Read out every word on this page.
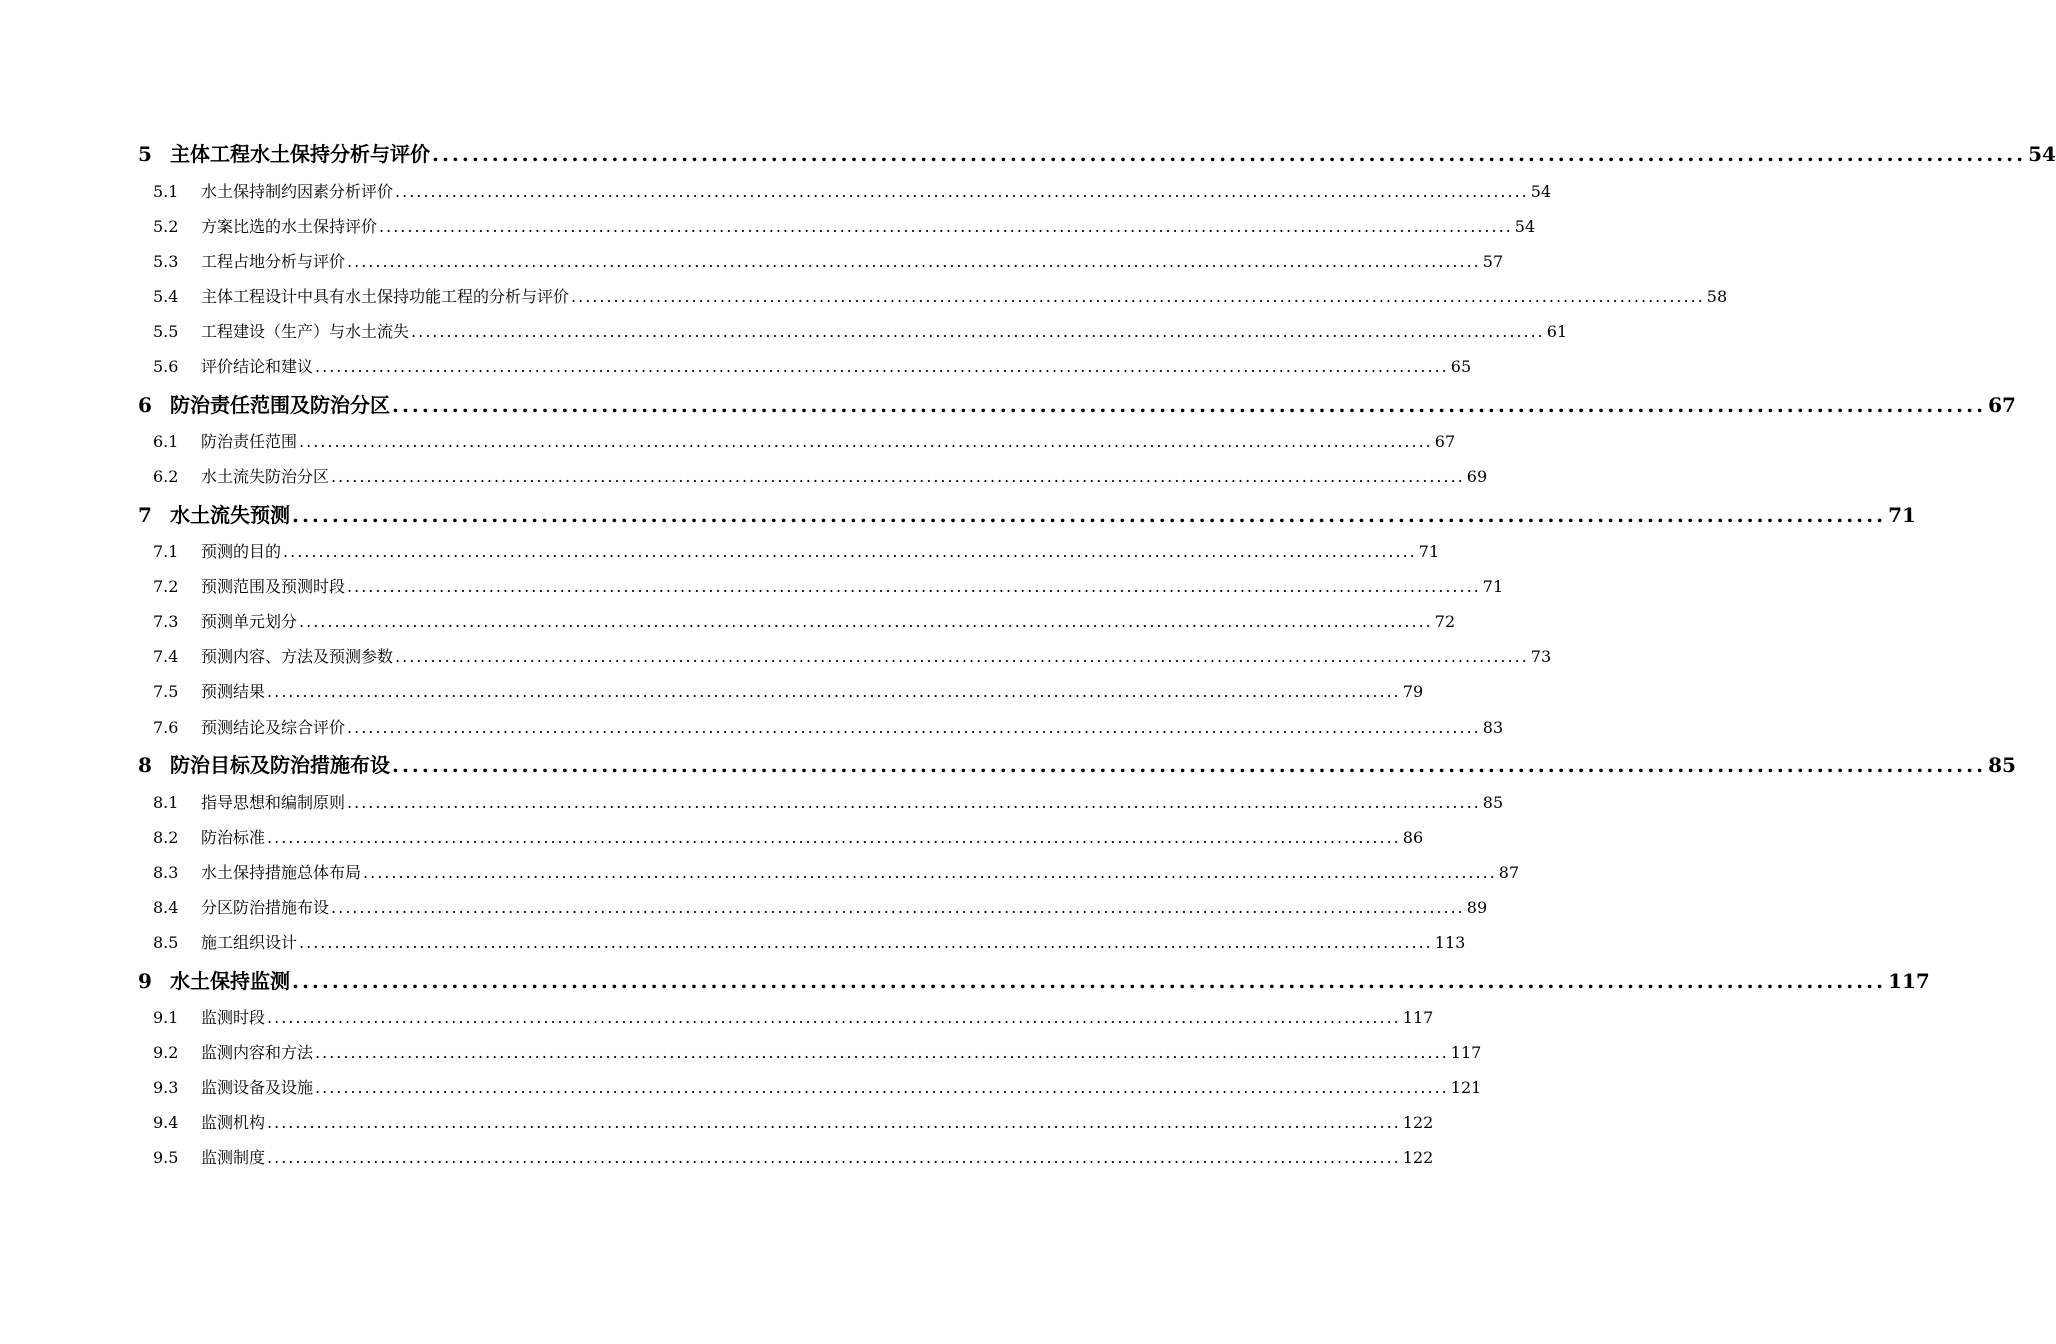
5 主体工程水土保持分析与评价 ................................................................................................................................................................ 54
5.1	水土保持制约因素分析评价 ................................................................................................................................................................ 54
5.2	方案比选的水土保持评价 ................................................................................................................................................................ 54
5.3	工程占地分析与评价 ................................................................................................................................................................ 57
5.4	主体工程设计中具有水土保持功能工程的分析与评价 ................................................................................................................................................................ 58
5.5	工程建设（生产）与水土流失 ................................................................................................................................................................ 61
5.6	评价结论和建议 ................................................................................................................................................................ 65
6 防治责任范围及防治分区 ................................................................................................................................................................ 67
6.1	防治责任范围 ................................................................................................................................................................ 67
6.2	水土流失防治分区 ................................................................................................................................................................ 69
7 水土流失预测 ................................................................................................................................................................ 71
7.1	预测的目的 ................................................................................................................................................................ 71
7.2	预测范围及预测时段 ................................................................................................................................................................ 71
7.3	预测单元划分 ................................................................................................................................................................ 72
7.4	预测内容、方法及预测参数 ................................................................................................................................................................ 73
7.5	预测结果 ................................................................................................................................................................ 79
7.6	预测结论及综合评价 ................................................................................................................................................................ 83
8 防治目标及防治措施布设 ................................................................................................................................................................ 85
8.1	指导思想和编制原则 ................................................................................................................................................................ 85
8.2	防治标准 ................................................................................................................................................................ 86
8.3	水土保持措施总体布局 ................................................................................................................................................................ 87
8.4	分区防治措施布设 ................................................................................................................................................................ 89
8.5	施工组织设计 ................................................................................................................................................................ 113
9 水土保持监测 ................................................................................................................................................................ 117
9.1	监测时段 ................................................................................................................................................................ 117
9.2	监测内容和方法 ................................................................................................................................................................ 117
9.3	监测设备及设施 ................................................................................................................................................................ 121
9.4	监测机构 ................................................................................................................................................................ 122
9.5	监测制度 ................................................................................................................................................................ 122
